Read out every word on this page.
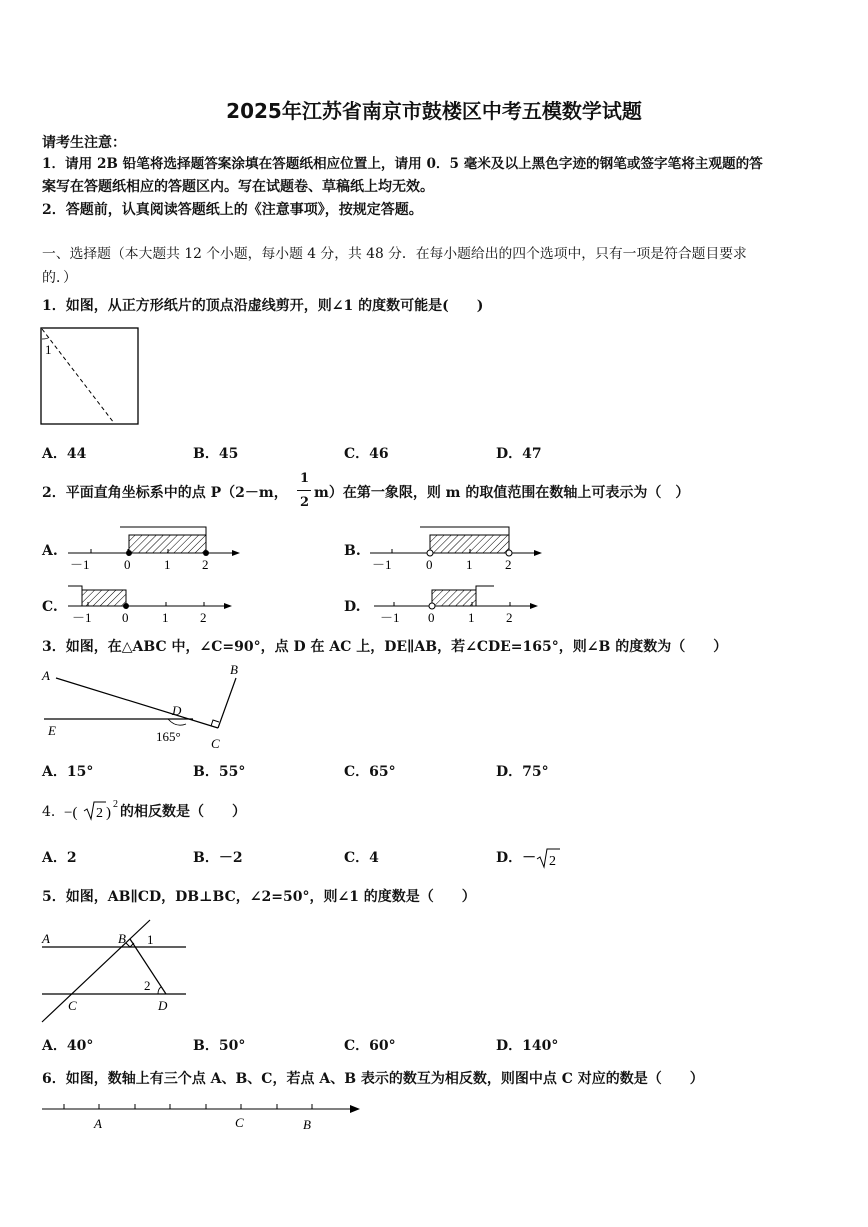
2025年江苏省南京市鼓楼区中考五模数学试题
请考生注意：
1．请用 2B 铅笔将选择题答案涂填在答题纸相应位置上，请用 0．5 毫米及以上黑色字迹的钢笔或签字笔将主观题的答
案写在答题纸相应的答题区内。写在试题卷、草稿纸上均无效。
2．答题前，认真阅读答题纸上的《注意事项》，按规定答题。
一、选择题（本大题共 12 个小题，每小题 4 分，共 48 分．在每小题给出的四个选项中，只有一项是符合题目要求
的．）
1．如图，从正方形纸片的顶点沿虚线剪开，则∠1 的度数可能是(　　)
1
A．44	B．45	C．46	D．47
2．平面直角坐标系中的点 P（2－m，
1
2
m）在第一象限，则 m 的取值范围在数轴上可表示为（　）
A.
－1	0	1 2
B.
－1	0	1	2
C.
－1 0	1 2
D.
－1 0	1 2
3．如图，在△ABC 中，∠C=90°，点 D 在 AC 上，DE∥AB，若∠CDE=165°，则∠B 的度数为（　　）
A	B
C
D
E	165°
A．15°	B．55°	C．65°	D．75°
4． −( 2 )
2 的相反数是（　　）
A．2	B．－2	C．4	D．－ 2
5．如图，AB∥CD，DB⊥BC，∠2=50°，则∠1 的度数是（　　）
A	B 1
2
C	D
A．40°	B．50°	C．60°	D．140°
6．如图，数轴上有三个点 A、B、C，若点 A、B 表示的数互为相反数，则图中点 C 对应的数是（　　）
A	C	B
